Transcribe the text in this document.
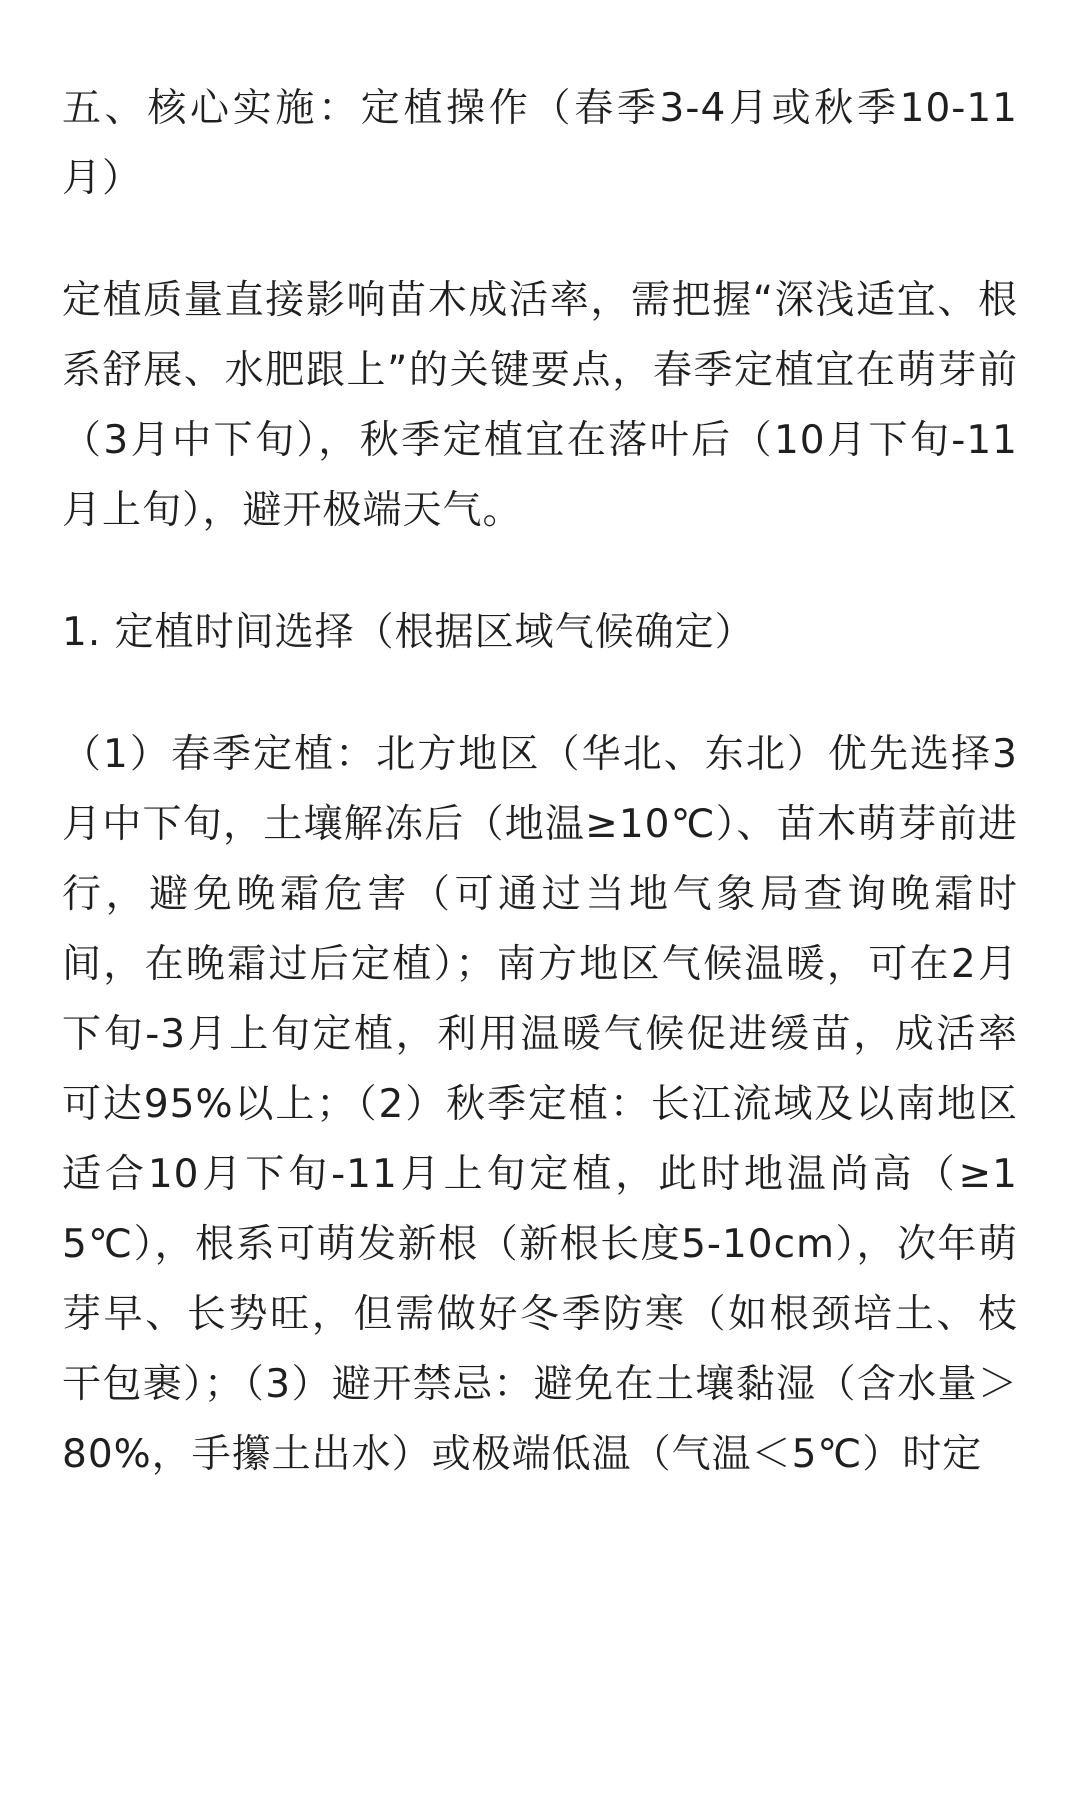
五、核心实施：定植操作（春季3-4月或秋季10-11月）

定植质量直接影响苗木成活率，需把握“深浅适宜、根系舒展、水肥跟上”的关键要点，春季定植宜在萌芽前（3月中下旬），秋季定植宜在落叶后（10月下旬-11月上旬），避开极端天气。

1. 定植时间选择（根据区域气候确定）

（1）春季定植：北方地区（华北、东北）优先选择3月中下旬，土壤解冻后（地温≥10℃）、苗木萌芽前进行，避免晚霜危害（可通过当地气象局查询晚霜时间，在晚霜过后定植）；南方地区气候温暖，可在2月下旬-3月上旬定植，利用温暖气候促进缓苗，成活率可达95%以上；（2）秋季定植：长江流域及以南地区适合10月下旬-11月上旬定植，此时地温尚高（≥15℃），根系可萌发新根（新根长度5-10cm），次年萌芽早、长势旺，但需做好冬季防寒（如根颈培土、枝干包裹）；（3）避开禁忌：避免在土壤黏湿（含水量＞80%，手攥土出水）或极端低温（气温＜5℃）时定
